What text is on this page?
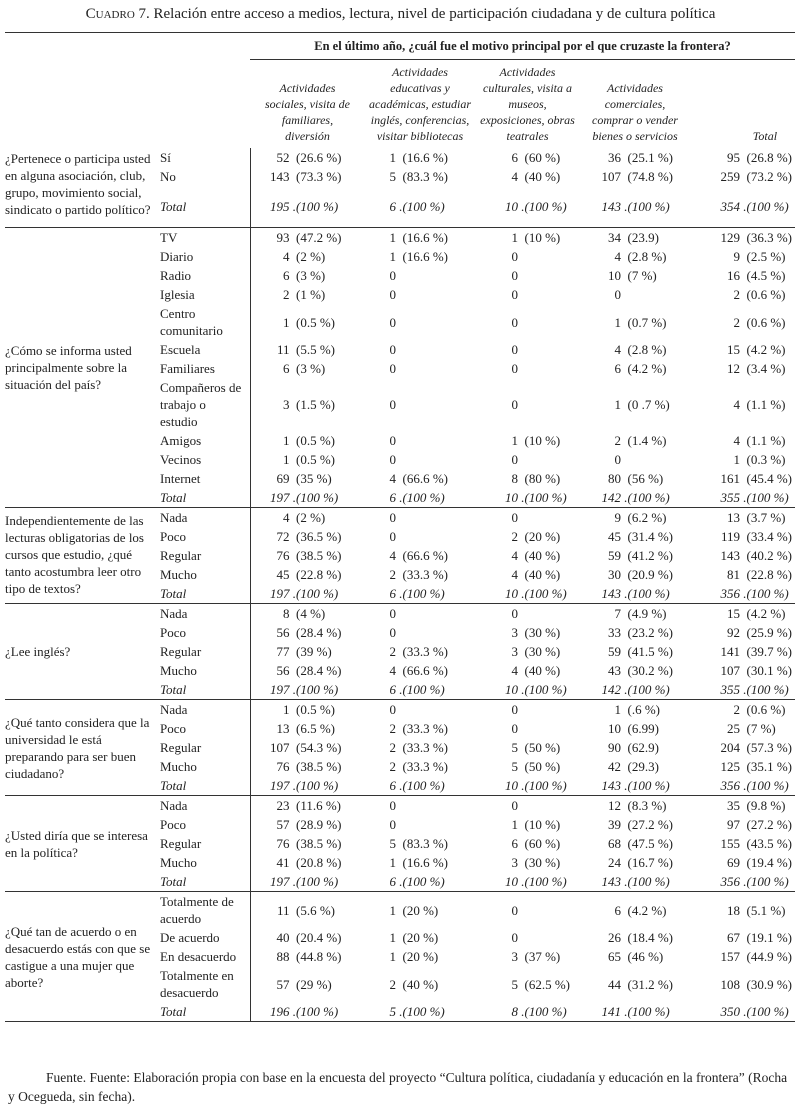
Cuadro 7. Relación entre acceso a medios, lectura, nivel de participación ciudadana y de cultura política
		En el último año, ¿cuál fue el motivo principal por el que cruzaste la frontera?				
		Actividades sociales, visita de familiares, diversión	Actividades educativas y académicas, estudiar inglés, conferencias, visitar bibliotecas	Actividades culturales, visita a museos, exposiciones, obras teatrales	Actividades comerciales, comprar o vender bienes o servicios	Total
¿Pertenece o participa usted en alguna asociación, club, grupo, movimiento social, sindicato o partido político?	Sí	52  (26.6 %)	1  (16.6 %)	6  (60 %)	36  (25.1 %)	95  (26.8 %)
	No	143  (73.3 %)	5  (83.3 %)	4  (40 %)	107  (74.8 %)	259  (73.2 %)
	Total	195 .(100 %)	6 .(100 %)	10 .(100 %)	143 .(100 %)	354 .(100 %)
¿Cómo se informa usted principalmente sobre la situación del país?	TV	93  (47.2 %)	1  (16.6 %)	1  (10 %)	34  (23.9)	129  (36.3 %)
	Diario	4  (2 %)	1  (16.6 %)	0	4  (2.8 %)	9  (2.5 %)
	Radio	6  (3 %)	0	0	10  (7 %)	16  (4.5 %)
	Iglesia	2  (1 %)	0	0	0	2  (0.6 %)
	Centro comunitario	1  (0.5 %)	0	0	1  (0.7 %)	2  (0.6 %)
	Escuela	11  (5.5 %)	0	0	4  (2.8 %)	15  (4.2 %)
	Familiares	6  (3 %)	0	0	6  (4.2 %)	12  (3.4 %)
	Compañeros de trabajo o estudio	3  (1.5 %)	0	0	1  (0 .7 %)	4  (1.1 %)
	Amigos	1  (0.5 %)	0	1  (10 %)	2  (1.4 %)	4  (1.1 %)
	Vecinos	1  (0.5 %)	0	0	0	1  (0.3 %)
	Internet	69  (35 %)	4  (66.6 %)	8  (80 %)	80  (56 %)	161  (45.4 %)
	Total	197 .(100 %)	6 .(100 %)	10 .(100 %)	142 .(100 %)	355 .(100 %)
Independientemente de las lecturas obligatorias de los cursos que estudio, ¿qué tanto acostumbra leer otro tipo de textos?	Nada	4  (2 %)	0	0	9  (6.2 %)	13  (3.7 %)
	Poco	72  (36.5 %)	0	2  (20 %)	45  (31.4 %)	119  (33.4 %)
	Regular	76  (38.5 %)	4  (66.6 %)	4  (40 %)	59  (41.2 %)	143  (40.2 %)
	Mucho	45  (22.8 %)	2  (33.3 %)	4  (40 %)	30  (20.9 %)	81  (22.8 %)
	Total	197 .(100 %)	6 .(100 %)	10 .(100 %)	143 .(100 %)	356 .(100 %)
¿Lee inglés?	Nada	8  (4 %)	0	0	7  (4.9 %)	15  (4.2 %)
	Poco	56  (28.4 %)	0	3  (30 %)	33  (23.2 %)	92  (25.9 %)
	Regular	77  (39 %)	2  (33.3 %)	3  (30 %)	59  (41.5 %)	141  (39.7 %)
	Mucho	56  (28.4 %)	4  (66.6 %)	4  (40 %)	43  (30.2 %)	107  (30.1 %)
	Total	197 .(100 %)	6 .(100 %)	10 .(100 %)	142 .(100 %)	355 .(100 %)
¿Qué tanto considera que la universidad le está preparando para ser buen ciudadano?	Nada	1  (0.5 %)	0	0	1  (.6 %)	2  (0.6 %)
	Poco	13  (6.5 %)	2  (33.3 %)	0	10  (6.99)	25  (7 %)
	Regular	107  (54.3 %)	2  (33.3 %)	5  (50 %)	90  (62.9)	204  (57.3 %)
	Mucho	76  (38.5 %)	2  (33.3 %)	5  (50 %)	42  (29.3)	125  (35.1 %)
	Total	197 .(100 %)	6 .(100 %)	10 .(100 %)	143 .(100 %)	356 .(100 %)
¿Usted diría que se interesa en la política?	Nada	23  (11.6 %)	0	0	12  (8.3 %)	35  (9.8 %)
	Poco	57  (28.9 %)	0	1  (10 %)	39  (27.2 %)	97  (27.2 %)
	Regular	76  (38.5 %)	5  (83.3 %)	6  (60 %)	68  (47.5 %)	155  (43.5 %)
	Mucho	41  (20.8 %)	1  (16.6 %)	3  (30 %)	24  (16.7 %)	69  (19.4 %)
	Total	197 .(100 %)	6 .(100 %)	10 .(100 %)	143 .(100 %)	356 .(100 %)
¿Qué tan de acuerdo o en desacuerdo estás con que se castigue a una mujer que aborte?	Totalmente de acuerdo	11  (5.6 %)	1  (20 %)	0	6  (4.2 %)	18  (5.1 %)
	De acuerdo	40  (20.4 %)	1  (20 %)	0	26  (18.4 %)	67  (19.1 %)
	En desacuerdo	88  (44.8 %)	1  (20 %)	3  (37 %)	65  (46 %)	157  (44.9 %)
	Totalmente en desacuerdo	57  (29 %)	2  (40 %)	5  (62.5 %)	44  (31.2 %)	108  (30.9 %)
	Total	196 .(100 %)	5 .(100 %)	8 .(100 %)	141 .(100 %)	350 .(100 %)
Fuente. Fuente: Elaboración propia con base en la encuesta del proyecto “Cultura política, ciudadanía y educación en la frontera” (Rocha y Ocegueda, sin fecha).
